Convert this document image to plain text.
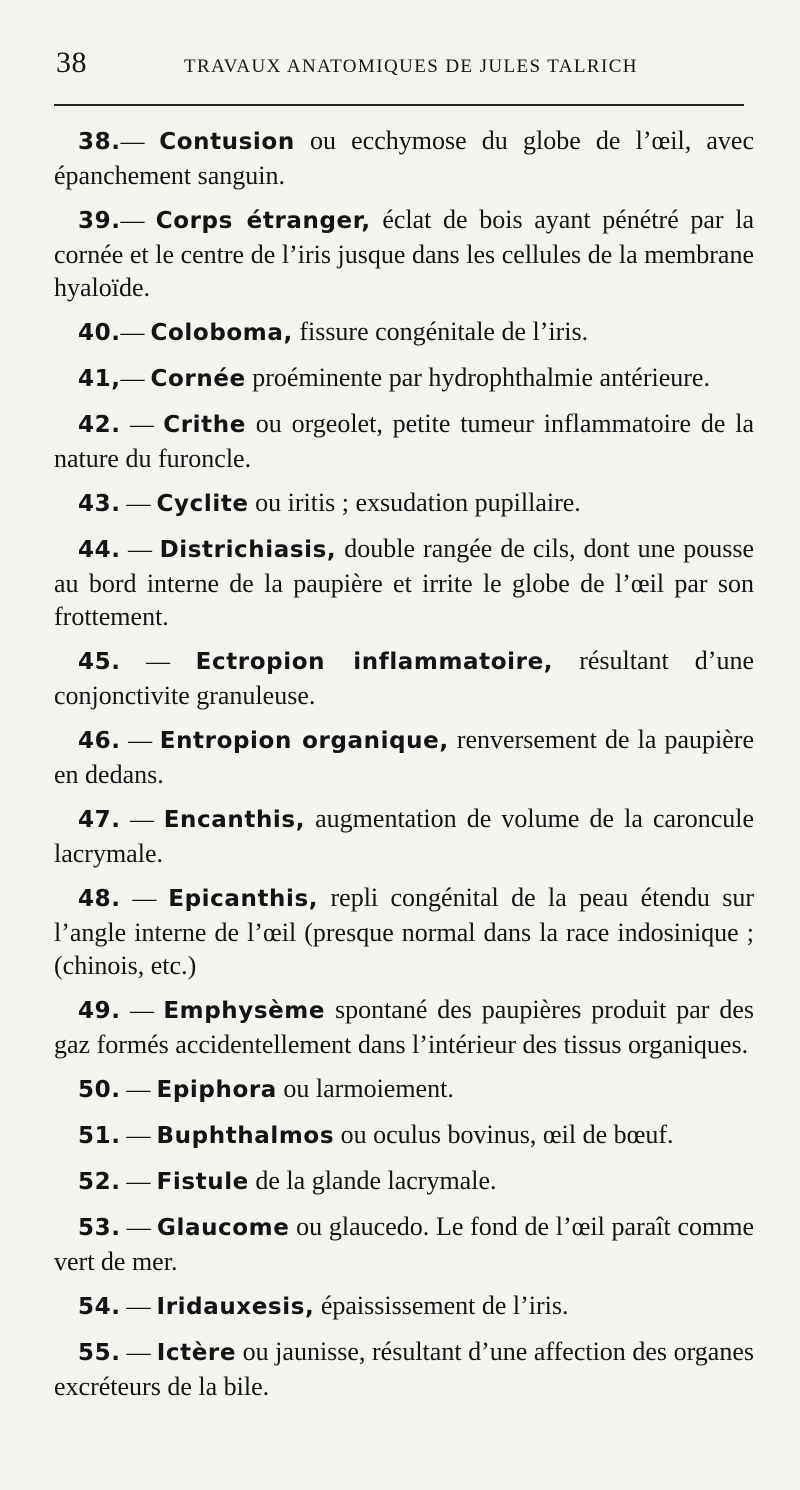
38	TRAVAUX ANATOMIQUES DE JULES TALRICH

38.— Contusion ou ecchymose du globe de l’œil, avec épanchement sanguin.

39.— Corps étranger, éclat de bois ayant pénétré par la cornée et le centre de l’iris jusque dans les cellules de la membrane hyaloïde.

40.— Coloboma, fissure congénitale de l’iris.

41,— Cornée proéminente par hydrophthalmie antérieure.

42. — Crithe ou orgeolet, petite tumeur inflammatoire de la nature du furoncle.

43. — Cyclite ou iritis ; exsudation pupillaire.

44. — Districhiasis, double rangée de cils, dont une pousse au bord interne de la paupière et irrite le globe de l’œil par son frottement.

45. — Ectropion inflammatoire, résultant d’une conjonctivite granuleuse.

46. — Entropion organique, renversement de la paupière en dedans.

47. — Encanthis, augmentation de volume de la caroncule lacrymale.

48. — Epicanthis, repli congénital de la peau étendu sur l’angle interne de l’œil (presque normal dans la race indosinique ; (chinois, etc.)

49. — Emphysème spontané des paupières produit par des gaz formés accidentellement dans l’intérieur des tissus organiques.

50. — Epiphora ou larmoiement.

51. — Buphthalmos ou oculus bovinus, œil de bœuf.

52. — Fistule de la glande lacrymale.

53. — Glaucome ou glaucedo. Le fond de l’œil paraît comme vert de mer.

54. — Iridauxesis, épaississement de l’iris.

55. — Ictère ou jaunisse, résultant d’une affection des organes excréteurs de la bile.
